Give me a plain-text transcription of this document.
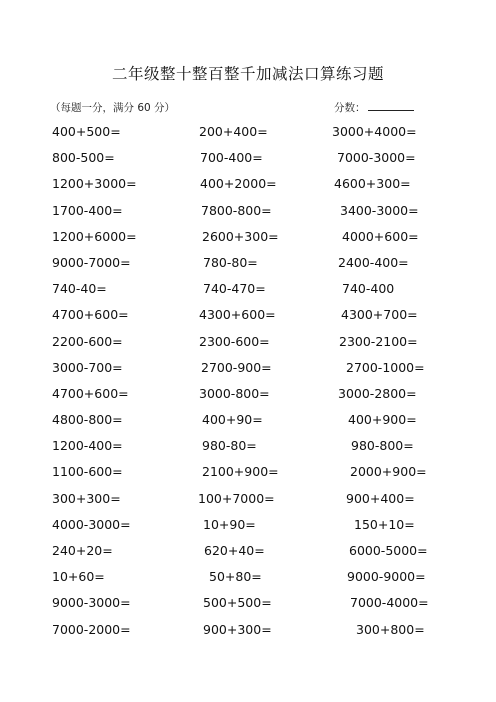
二年级整十整百整千加减法口算练习题
（每题一分，满分 60 分）	分数：
400+500=	200+400=	3000+4000=
800-500=	700-400=	7000-3000=
1200+3000=	400+2000=	4600+300=
1700-400=	7800-800=	3400-3000=
1200+6000=	2600+300=	4000+600=
9000-7000=	780-80=	2400-400=
740-40=	740-470=	740-400
4700+600=	4300+600=	4300+700=
2200-600=	2300-600=	2300-2100=
3000-700=	2700-900=	2700-1000=
4700+600=	3000-800=	3000-2800=
4800-800=	400+90=	400+900=
1200-400=	980-80=	980-800=
1100-600=	2100+900=	2000+900=
300+300=	100+7000=	900+400=
4000-3000=	10+90=	150+10=
240+20=	620+40=	6000-5000=
10+60=	50+80=	9000-9000=
9000-3000=	500+500=	7000-4000=
7000-2000=	900+300=	300+800=
